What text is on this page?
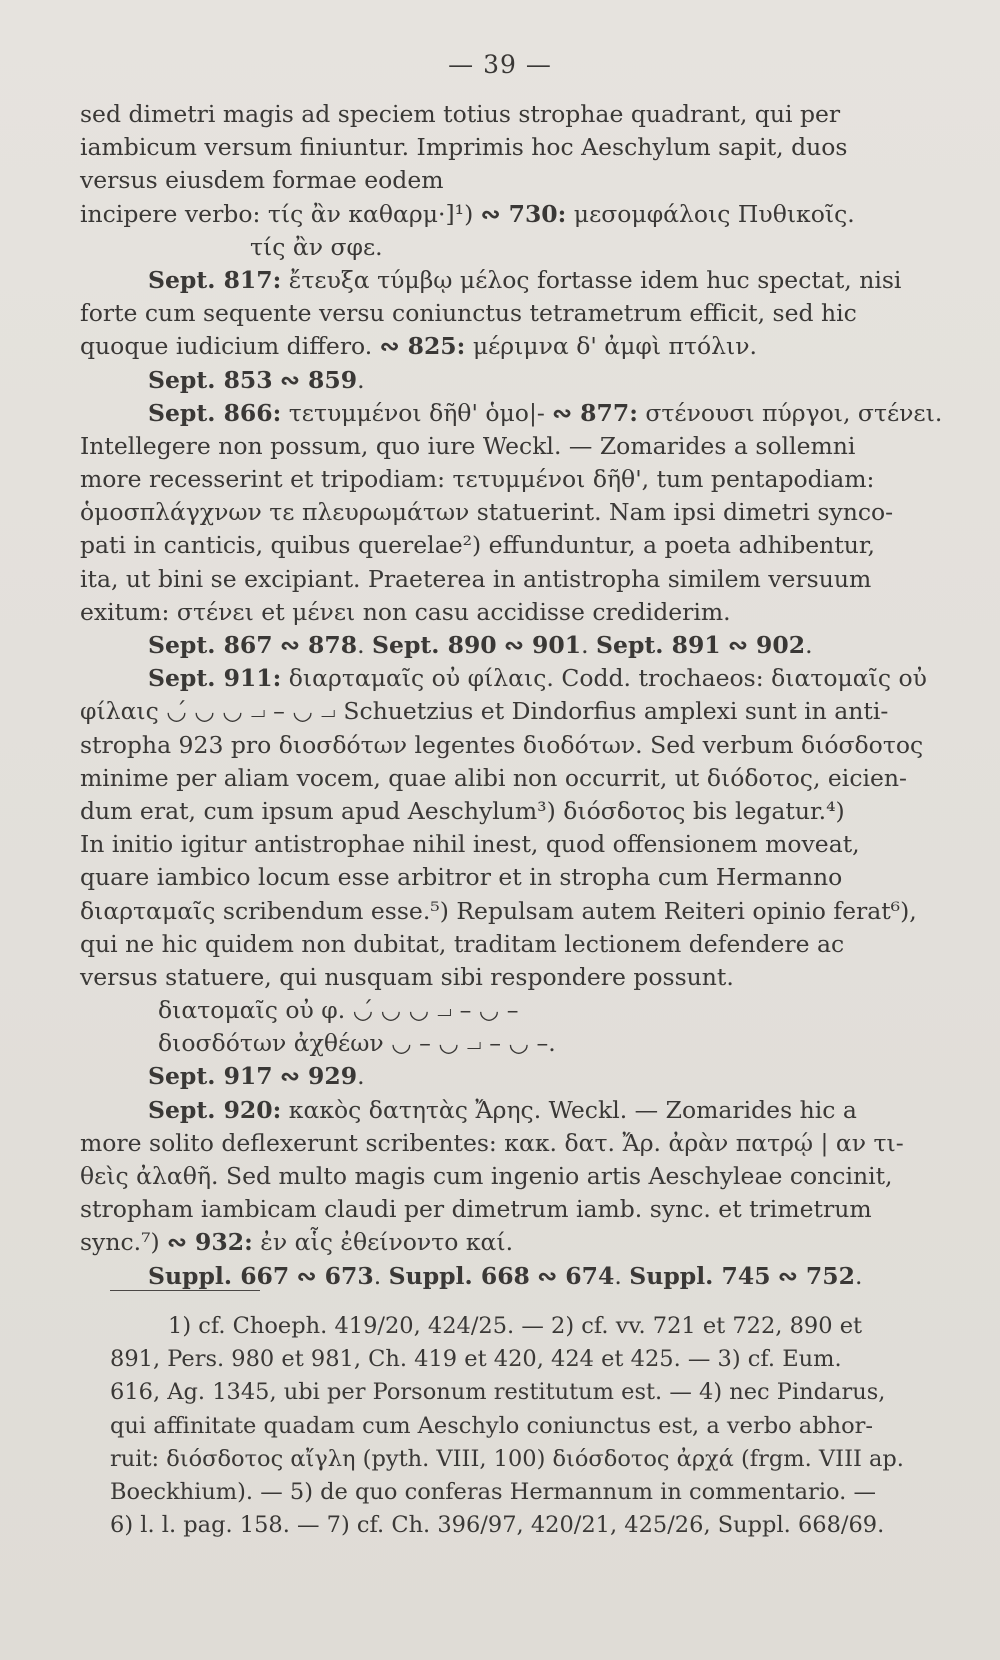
— 39 —
sed dimetri magis ad speciem totius strophae quadrant, qui per
iambicum versum finiuntur. Imprimis hoc Aeschylum sapit, duos
versus eiusdem formae eodem
incipere verbo: τίς ἂν καθαρμ·]¹) ∾ 730: μεσομφάλοις Πυθικοῖς.
τίς ἂν σφε.
Sept. 817: ἔτευξα τύμβῳ μέλος fortasse idem huc spectat, nisi
forte cum sequente versu coniunctus tetrametrum efficit, sed hic
quoque iudicium differo. ∾ 825: μέριμνα δ' ἀμφὶ πτόλιν.
Sept. 853 ∾ 859.
Sept. 866: τετυμμένοι δῆθ' ὁμο|- ∾ 877: στένουσι πύργοι, στένει.
Intellegere non possum, quo iure Weckl. — Zomarides a sollemni
more recesserint et tripodiam: τετυμμένοι δῆθ', tum pentapodiam:
ὁμοσπλάγχνων τε πλευρωμάτων statuerint. Nam ipsi dimetri synco-
pati in canticis, quibus querelae²) effunduntur, a poeta adhibentur,
ita, ut bini se excipiant. Praeterea in antistropha similem versuum
exitum: στένει et μένει non casu accidisse crediderim.
Sept. 867 ∾ 878. Sept. 890 ∾ 901. Sept. 891 ∾ 902.
Sept. 911: διαρταμαῖς οὐ φίλαις. Codd. trochaeos: διατομαῖς οὐ
φίλαις ◡́ ◡ ◡ ⏗ – ◡ ⏗ Schuetzius et Dindorfius amplexi sunt in anti-
stropha 923 pro διοσδότων legentes διοδότων. Sed verbum διόσδοτος
minime per aliam vocem, quae alibi non occurrit, ut διόδοτος, eicien-
dum erat, cum ipsum apud Aeschylum³) διόσδοτος bis legatur.⁴)
In initio igitur antistrophae nihil inest, quod offensionem moveat,
quare iambico locum esse arbitror et in stropha cum Hermanno
διαρταμαῖς scribendum esse.⁵) Repulsam autem Reiteri opinio ferat⁶),
qui ne hic quidem non dubitat, traditam lectionem defendere ac
versus statuere, qui nusquam sibi respondere possunt.
διατομαῖς οὐ φ. ◡́ ◡ ◡ ⏗ – ◡ –
διοσδότων ἀχθέων ◡ – ◡ ⏗ – ◡ –.
Sept. 917 ∾ 929.
Sept. 920: κακὸς δατητὰς Ἄρης. Weckl. — Zomarides hic a
more solito deflexerunt scribentes: κακ. δατ. Ἄρ. ἀρὰν πατρῴ | αν τι-
θεὶς ἀλαθῆ. Sed multo magis cum ingenio artis Aeschyleae concinit,
stropham iambicam claudi per dimetrum iamb. sync. et trimetrum
sync.⁷) ∾ 932: ἐν αἷς ἐθείνοντο καί.
Suppl. 667 ∾ 673. Suppl. 668 ∾ 674. Suppl. 745 ∾ 752.
1) cf. Choeph. 419/20, 424/25. — 2) cf. vv. 721 et 722, 890 et
891, Pers. 980 et 981, Ch. 419 et 420, 424 et 425. — 3) cf. Eum.
616, Ag. 1345, ubi per Porsonum restitutum est. — 4) nec Pindarus,
qui affinitate quadam cum Aeschylo coniunctus est, a verbo abhor-
ruit: διόσδοτος αἴγλη (pyth. VIII, 100) διόσδοτος ἀρχά (frgm. VIII ap.
Boeckhium). — 5) de quo conferas Hermannum in commentario. —
6) l. l. pag. 158. — 7) cf. Ch. 396/97, 420/21, 425/26, Suppl. 668/69.
